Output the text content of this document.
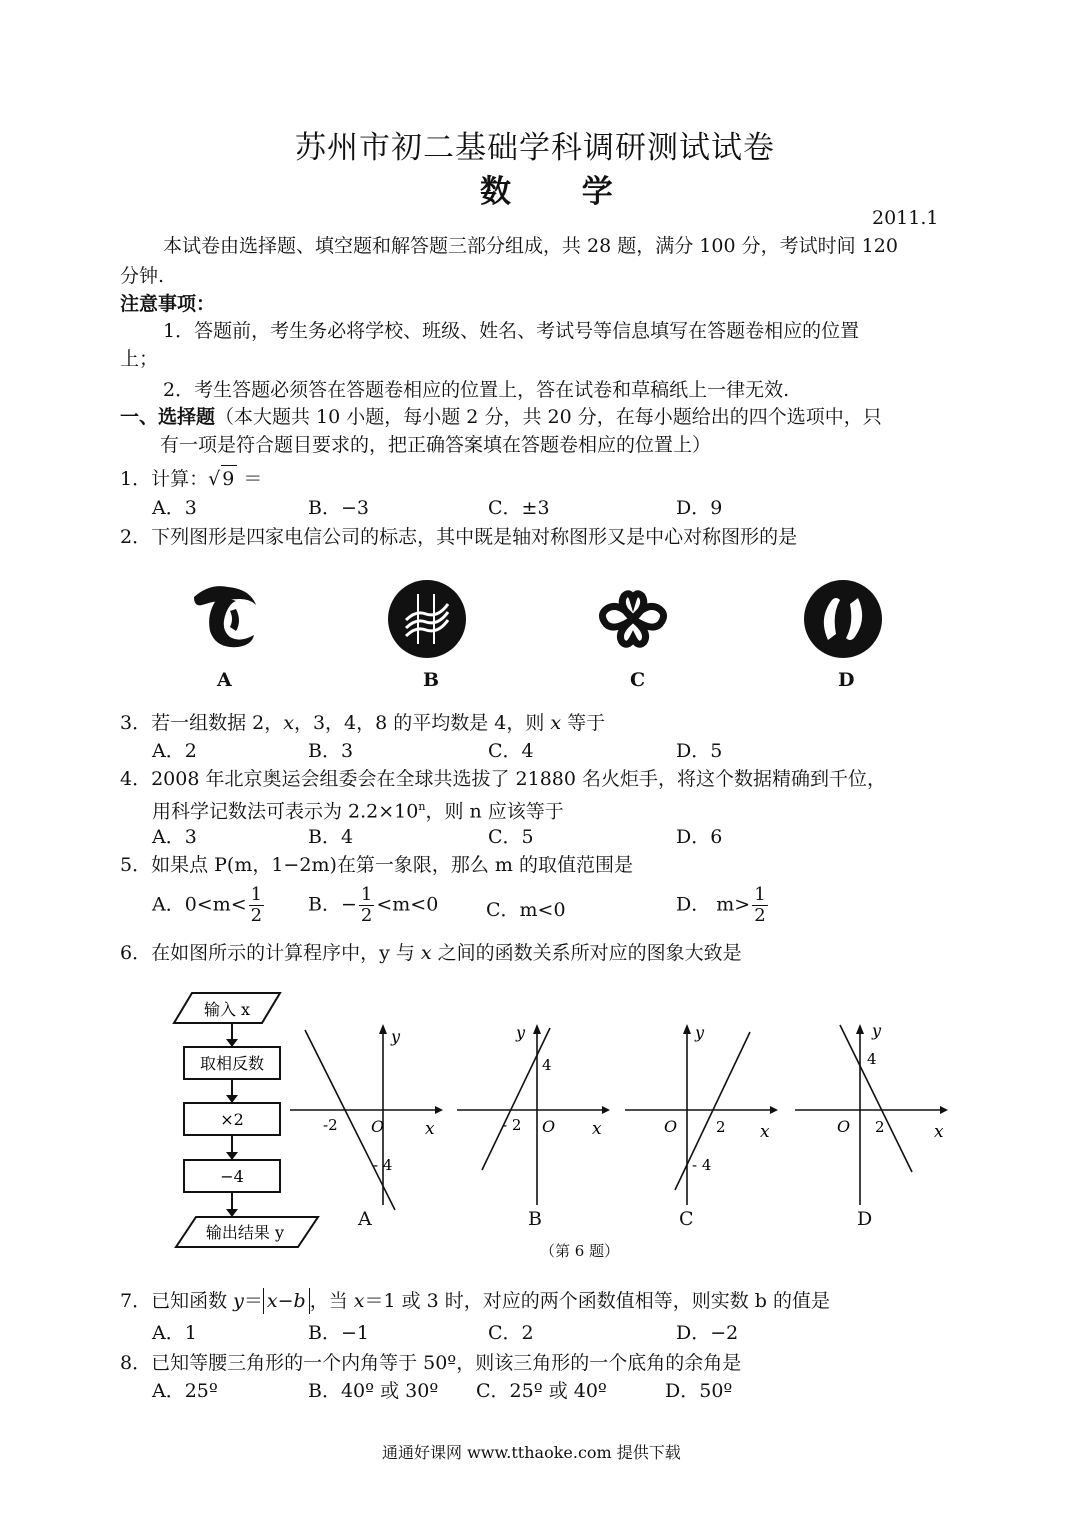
苏州市初二基础学科调研测试试卷
数 学
2011.1
本试卷由选择题、填空题和解答题三部分组成，共 28 题，满分 100 分，考试时间 120
分钟.
注意事项：
1．答题前，考生务必将学校、班级、姓名、考试号等信息填写在答题卷相应的位置
上；
2．考生答题必须答在答题卷相应的位置上，答在试卷和草稿纸上一律无效.
一、选择题（本大题共 10 小题，每小题 2 分，共 20 分，在每小题给出的四个选项中，只
有一项是符合题目要求的，把正确答案填在答题卷相应的位置上）
1．计算：√ 9 ＝
A．3	B．−3	C．±3	D．9
2．下列图形是四家电信公司的标志，其中既是轴对称图形又是中心对称图形的是
A	B	C	D
3．若一组数据 2，x，3，4，8 的平均数是 4，则 x 等于
A．2	B．3	C．4	D．5
4．2008 年北京奥运会组委会在全球共选拔了 21880 名火炬手，将这个数据精确到千位，
用科学记数法可表示为 $2.2\times 10^n$，则 n 应该等于
A．3	B．4	C．5	D．6
5．如果点 P(m，1−2m)在第一象限，那么 m 的取值范围是
A．$0<m< \frac{1}{2}$ B．− $\frac{1}{2} <m<0$	C．m<0	D． $m> \frac{1}{2}$
6．在如图所示的计算程序中，y 与 x 之间的函数关系所对应的图象大致是
输入 x
取相反数
×2
−4
输出结果 y
-2
- 4
O x
y
- 2
4
O x
y
2
- 4
O	x
y
2
4
O	x
y
A	B	C	D
（第 6 题）
7．已知函数 y＝ x−b ，当 x＝1 或 3 时，对应的两个函数值相等，则实数 b 的值是
A．1	B．−1	C．2	D．−2
8．已知等腰三角形的一个内角等于 50º，则该三角形的一个底角的余角是
A．25º	B．40º 或 30º C．25º 或 40º	D．50º
通通好课网 www.tthaoke.com 提供下载
